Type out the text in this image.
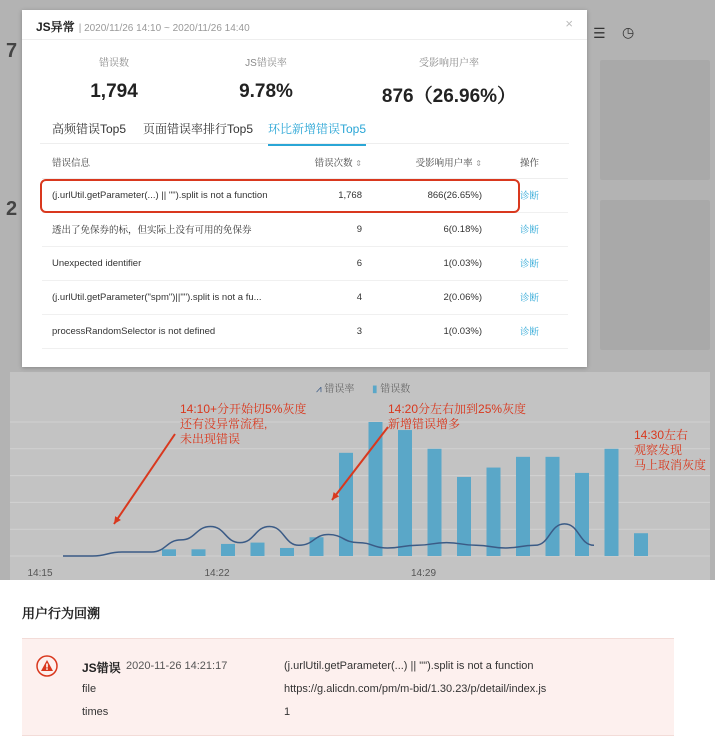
7
2
☰ ◷
⩘ 错误率 ▮ 错误数
14:15	14:22	14:29
14:10+分开始切5%灰度
还有没异常流程,
未出现错误
14:20分左右加到25%灰度
新增错误增多
14:30左右
观察发现
马上取消灰度
JS异常 | 2020/11/26 14:10 ~ 2020/11/26 14:40	×
错误数
1,794
JS错误率
9.78%
受影响用户率
876（26.96%）
高频错误Top5 页面错误率排行Top5 环比新增错误Top5
错误信息	错误次数 ⇕	受影响用户率 ⇕	操作
(j.urlUtil.getParameter(...) || "").split is not a function	1,768	866(26.65%)	诊断
透出了免保券的标，但实际上没有可用的免保券	9	6(0.18%)	诊断
Unexpected identifier	6	1(0.03%)	诊断
(j.urlUtil.getParameter("spm")||"").split is not a fu...	4	2(0.06%)	诊断
processRandomSelector is not defined	3	1(0.03%)	诊断
用户行为回溯
JS错误 2020-11-26 14:21:17	(j.urlUtil.getParameter(...) || "").split is not a function
file	https://g.alicdn.com/pm/m-bid/1.30.23/p/detail/index.js
times	1
